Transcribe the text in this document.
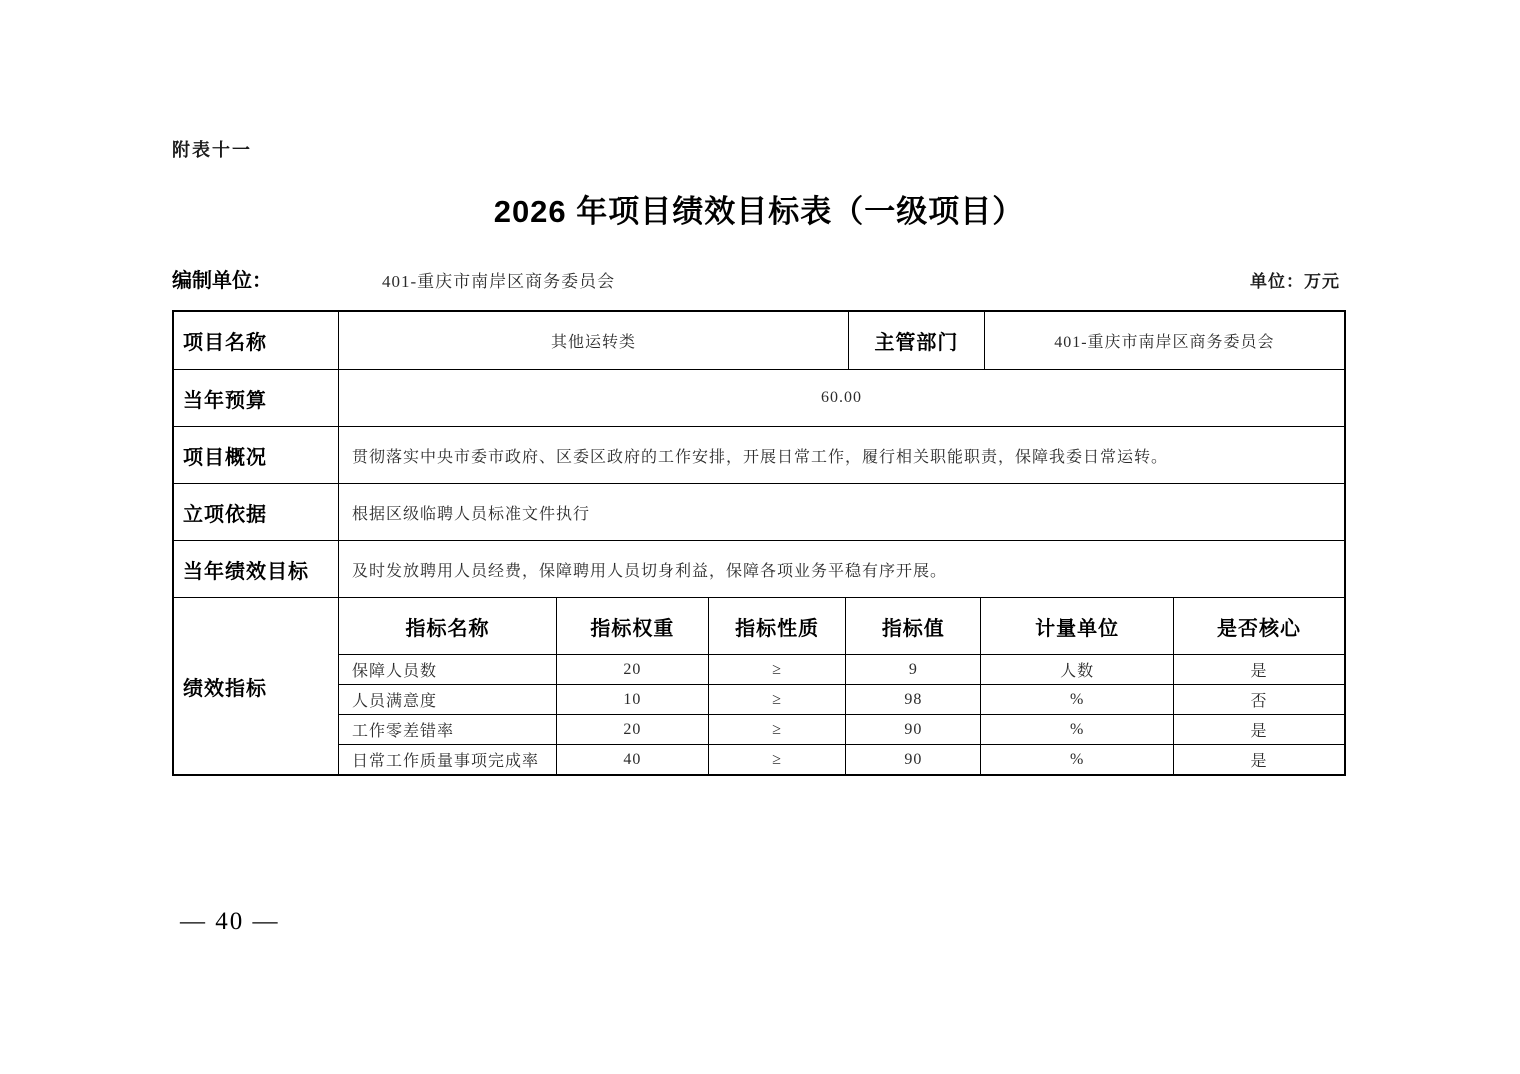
附表十一
2026 年项目绩效目标表（一级项目）
编制单位：	401-重庆市南岸区商务委员会	单位：万元
项目名称	其他运转类	主管部门	401-重庆市南岸区商务委员会
当年预算	60.00
项目概况	贯彻落实中央市委市政府、区委区政府的工作安排，开展日常工作，履行相关职能职责，保障我委日常运转。
立项依据	根据区级临聘人员标准文件执行
当年绩效目标	及时发放聘用人员经费，保障聘用人员切身利益，保障各项业务平稳有序开展。
绩效指标
指标名称	指标权重	指标性质	指标值	计量单位	是否核心
保障人员数	20	≥	9	人数	是
人员满意度	10	≥	98	%	否
工作零差错率	20	≥	90	%	是
日常工作质量事项完成率	40	≥	90	%	是
— 40 —
